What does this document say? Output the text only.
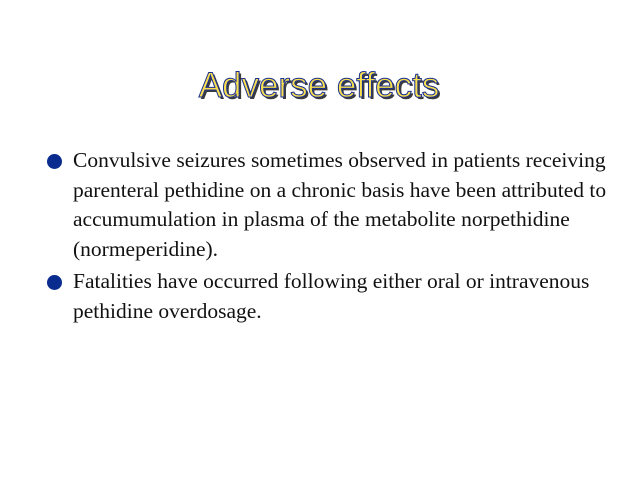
Adverse effects
Convulsive seizures sometimes observed in patients receiving parenteral pethidine on a chronic basis have been attributed to accumumulation in plasma of the metabolite norpethidine (normeperidine).
Fatalities have occurred following either oral or intravenous pethidine overdosage.
